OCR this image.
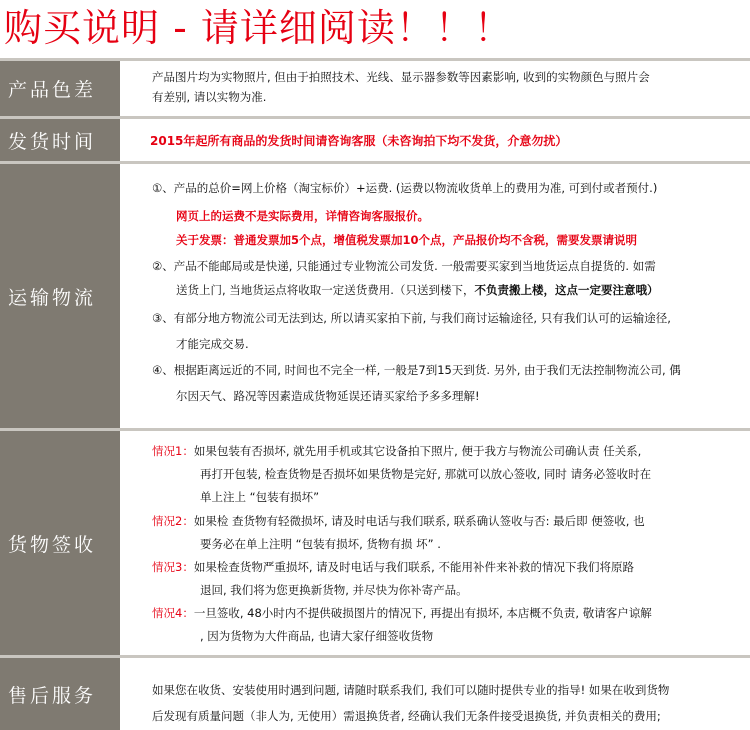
购买说明 - 请详细阅读！！！
产品色差
产品图片均为实物照片, 但由于拍照技术、光线、显示器参数等因素影响, 收到的实物颜色与照片会
有差别, 请以实物为准.
发货时间	2015年起所有商品的发货时间请咨询客服（未咨询拍下均不发货，介意勿扰）
运输物流
①、产品的总价=网上价格（淘宝标价）+运费. (运费以物流收货单上的费用为准, 可到付或者预付.)
网页上的运费不是实际费用，详情咨询客服报价。
关于发票：普通发票加5个点，增值税发票加10个点，产品报价均不含税，需要发票请说明
②、产品不能邮局或是快递, 只能通过专业物流公司发货. 一般需要买家到当地货运点自提货的. 如需
送货上门, 当地货运点将收取一定送货费用.（只送到楼下，不负责搬上楼，这点一定要注意哦）
③、有部分地方物流公司无法到达, 所以请买家拍下前, 与我们商讨运输途径, 只有我们认可的运输途径,
才能完成交易.
④、根据距离远近的不同, 时间也不完全一样, 一般是7到15天到货. 另外, 由于我们无法控制物流公司, 偶
尔因天气、路况等因素造成货物延误还请买家给予多多理解!
货物签收
情况1：如果包装有否损坏, 就先用手机或其它设备拍下照片, 便于我方与物流公司确认责 任关系,
再打开包装, 检查货物是否损坏如果货物是完好, 那就可以放心签收, 同时 请务必签收时在
单上注上 “包装有损坏”
情况2：如果检 查货物有轻微损坏, 请及时电话与我们联系, 联系确认签收与否: 最后即 便签收, 也
要务必在单上注明 “包装有损坏, 货物有损 坏” .
情况3：如果检查货物严重损坏, 请及时电话与我们联系, 不能用补件来补救的情况下我们将原路
退回, 我们将为您更换新货物, 并尽快为你补寄产品。
情况4：一旦签收, 48小时内不提供破损图片的情况下, 再提出有损坏, 本店概不负责, 敬请客户谅解
, 因为货物为大件商品, 也请大家仔细签收货物
售后服务	如果您在收货、安装使用时遇到问题, 请随时联系我们, 我们可以随时提供专业的指导! 如果在收到货物
后发现有质量问题（非人为, 无使用）需退换货者, 经确认我们无条件接受退换货, 并负责相关的费用;
